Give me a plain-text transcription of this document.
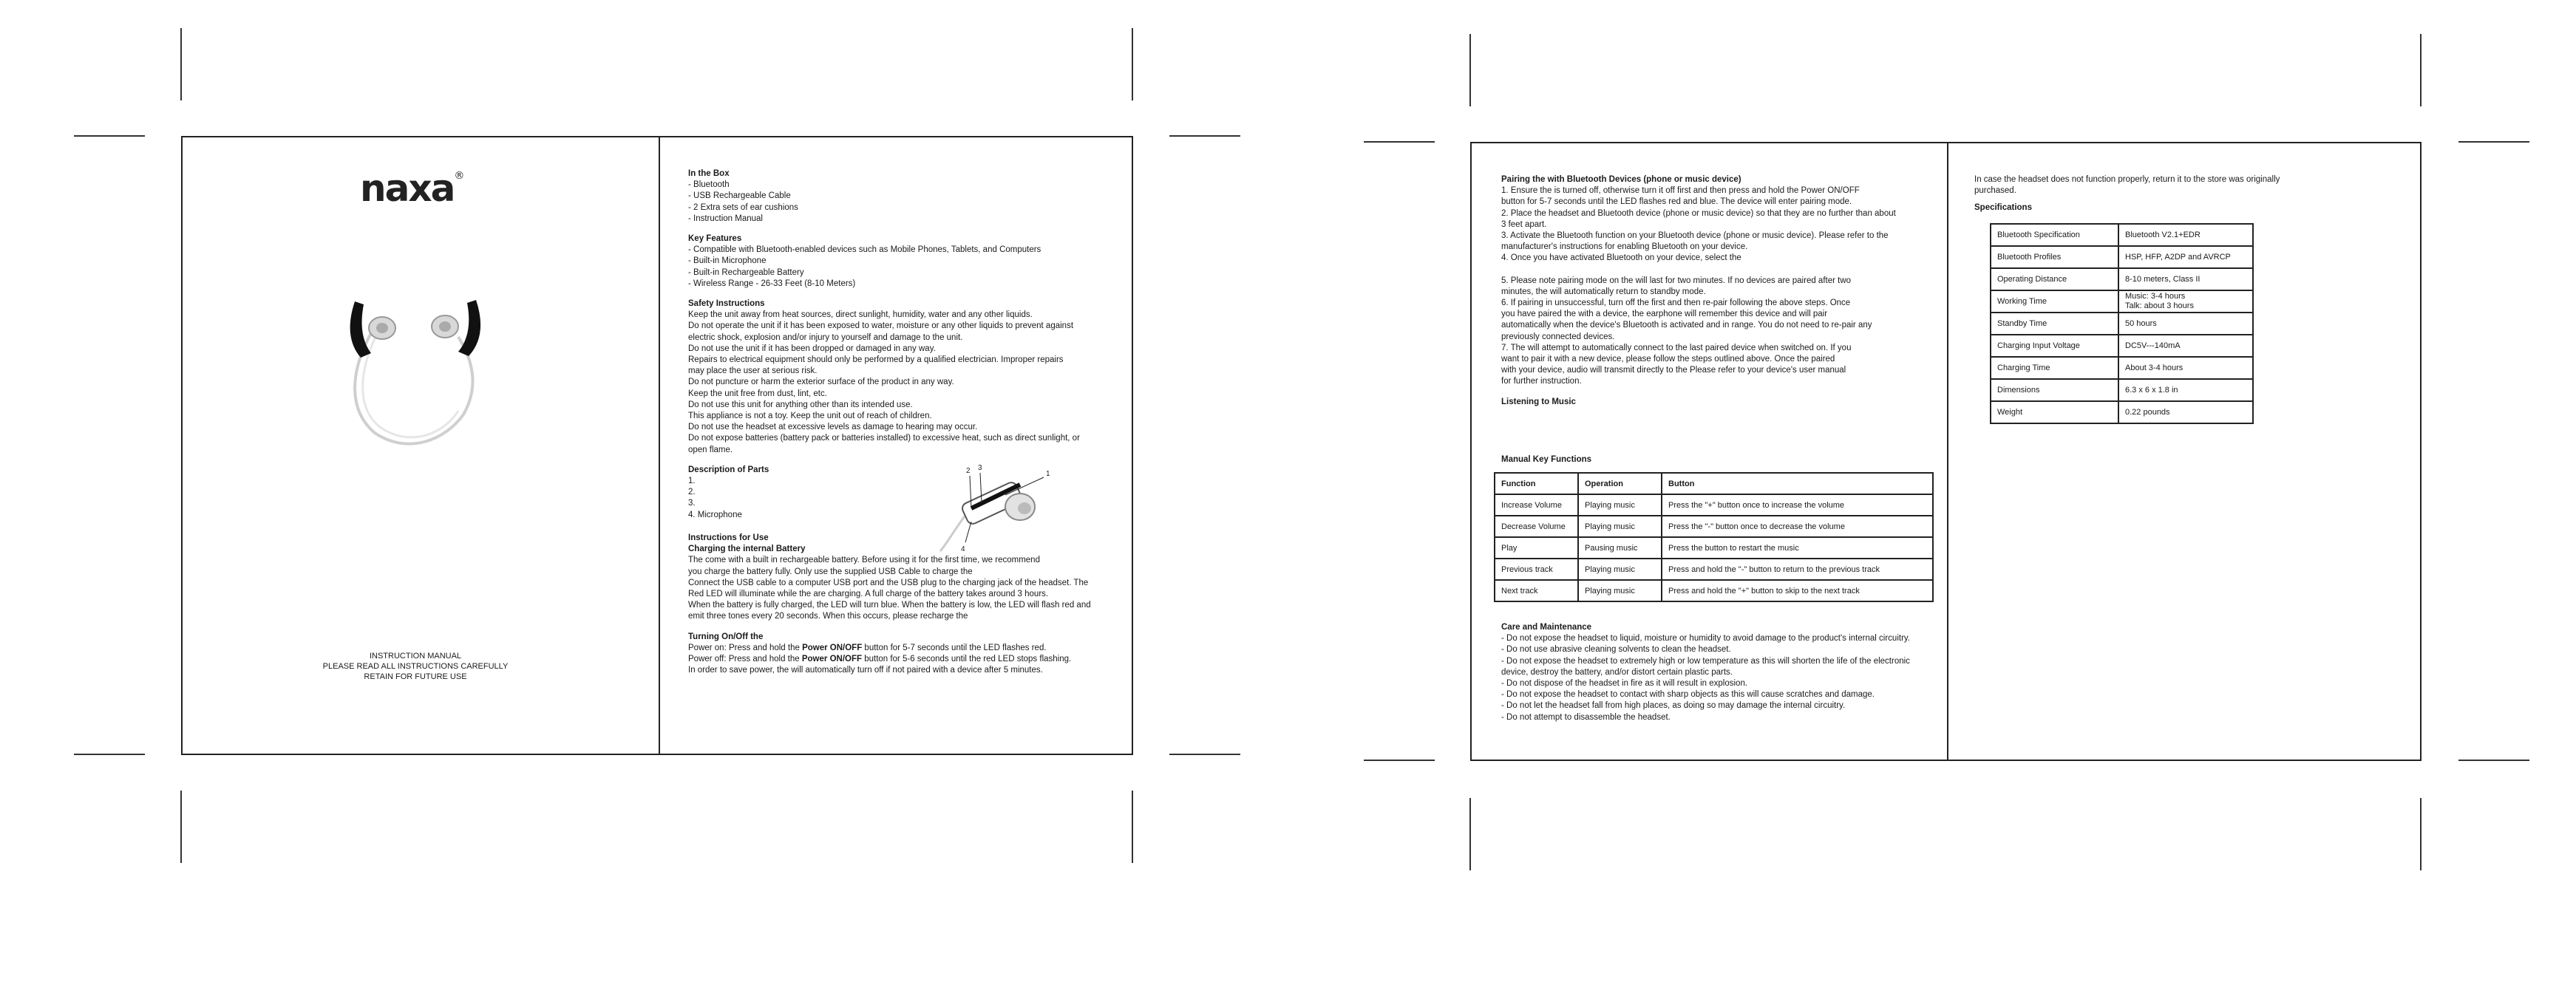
naxa®
INSTRUCTION MANUAL
PLEASE READ ALL INSTRUCTIONS CAREFULLY
RETAIN FOR FUTURE USE
In the Box
- Bluetooth
- USB Rechargeable Cable
- 2 Extra sets of ear cushions
- Instruction Manual
Key Features
- Compatible with Bluetooth-enabled devices such as Mobile Phones, Tablets, and Computers
- Built-in Microphone
- Built-in Rechargeable Battery
- Wireless Range - 26-33 Feet (8-10 Meters)
Safety Instructions
Keep the unit away from heat sources, direct sunlight, humidity, water and any other liquids.
Do not operate the unit if it has been exposed to water, moisture or any other liquids to prevent against
electric shock, explosion and/or injury to yourself and damage to the unit.
Do not use the unit if it has been dropped or damaged in any way.
Repairs to electrical equipment should only be performed by a qualified electrician. Improper repairs
may place the user at serious risk.
Do not puncture or harm the exterior surface of the product in any way.
Keep the unit free from dust, lint, etc.
Do not use this unit for anything other than its intended use.
This appliance is not a toy. Keep the unit out of reach of children.
Do not use the headset at excessive levels as damage to hearing may occur.
Do not expose batteries (battery pack or batteries installed) to excessive heat, such as direct sunlight, or
open flame.
Description of Parts
1.
2.
3.
4. Microphone
Instructions for Use
Charging the internal Battery
The come with a built in rechargeable battery. Before using it for the first time, we recommend
you charge the battery fully. Only use the supplied USB Cable to charge the
Connect the USB cable to a computer USB port and the USB plug to the charging jack of the headset. The
Red LED will illuminate while the are charging. A full charge of the battery takes around 3 hours.
When the battery is fully charged, the LED will turn blue. When the battery is low, the LED will flash red and
emit three tones every 20 seconds. When this occurs, please recharge the
Turning On/Off the
Power on: Press and hold the Power ON/OFF button for 5-7 seconds until the LED flashes red.
Power off: Press and hold the Power ON/OFF button for 5-6 seconds until the red LED stops flashing.
In order to save power, the will automatically turn off if not paired with a device after 5 minutes.
1
2 3
4
Pairing the with Bluetooth Devices (phone or music device)
1. Ensure the is turned off, otherwise turn it off first and then press and hold the Power ON/OFF
button for 5-7 seconds until the LED flashes red and blue. The device will enter pairing mode.
2. Place the headset and Bluetooth device (phone or music device) so that they are no further than about
3 feet apart.
3. Activate the Bluetooth function on your Bluetooth device (phone or music device). Please refer to the
manufacturer's instructions for enabling Bluetooth on your device.
4. Once you have activated Bluetooth on your device, select the
5. Please note pairing mode on the will last for two minutes. If no devices are paired after two
minutes, the will automatically return to standby mode.
6. If pairing in unsuccessful, turn off the first and then re-pair following the above steps. Once
you have paired the with a device, the earphone will remember this device and will pair
automatically when the device's Bluetooth is activated and in range. You do not need to re-pair any
previously connected devices.
7. The will attempt to automatically connect to the last paired device when switched on. If you
want to pair it with a new device, please follow the steps outlined above. Once the paired
with your device, audio will transmit directly to the Please refer to your device's user manual
for further instruction.
Listening to Music
Manual Key Functions
Function	Operation	Button
Increase Volume	Playing music	Press the "+" button once to increase the volume
Decrease Volume	Playing music	Press the "-" button once to decrease the volume
Play	Pausing music	Press the button to restart the music
Previous track	Playing music	Press and hold the "-" button to return to the previous track
Next track	Playing music	Press and hold the "+" button to skip to the next track
Care and Maintenance
- Do not expose the headset to liquid, moisture or humidity to avoid damage to the product's internal circuitry.
- Do not use abrasive cleaning solvents to clean the headset.
- Do not expose the headset to extremely high or low temperature as this will shorten the life of the electronic
device, destroy the battery, and/or distort certain plastic parts.
- Do not dispose of the headset in fire as it will result in explosion.
- Do not expose the headset to contact with sharp objects as this will cause scratches and damage.
- Do not let the headset fall from high places, as doing so may damage the internal circuitry.
- Do not attempt to disassemble the headset.
In case the headset does not function properly, return it to the store was originally
purchased.
Specifications
Bluetooth Specification	Bluetooth V2.1+EDR
Bluetooth Profiles	HSP, HFP, A2DP and AVRCP
Operating Distance	8-10 meters, Class II
Working Time	Music: 3-4 hours
Talk: about 3 hours
Standby Time	50 hours
Charging Input Voltage	DC5V---140mA
Charging Time	About 3-4 hours
Dimensions	6.3 x 6 x 1.8 in
Weight	0.22 pounds
